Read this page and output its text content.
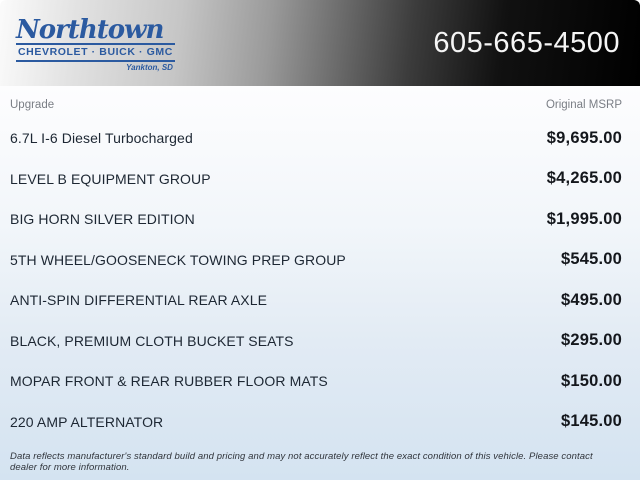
Northtown
CHEVROLET · BUICK · GMC
Yankton, SD
605-665-4500
Upgrade	Original MSRP
6.7L I-6 Diesel Turbocharged	$9,695.00
LEVEL B EQUIPMENT GROUP	$4,265.00
BIG HORN SILVER EDITION	$1,995.00
5TH WHEEL/GOOSENECK TOWING PREP GROUP	$545.00
ANTI-SPIN DIFFERENTIAL REAR AXLE	$495.00
BLACK, PREMIUM CLOTH BUCKET SEATS	$295.00
MOPAR FRONT & REAR RUBBER FLOOR MATS	$150.00
220 AMP ALTERNATOR	$145.00
Data reflects manufacturer's standard build and pricing and may not accurately reflect the exact condition of this vehicle. Please contact dealer for more information.
